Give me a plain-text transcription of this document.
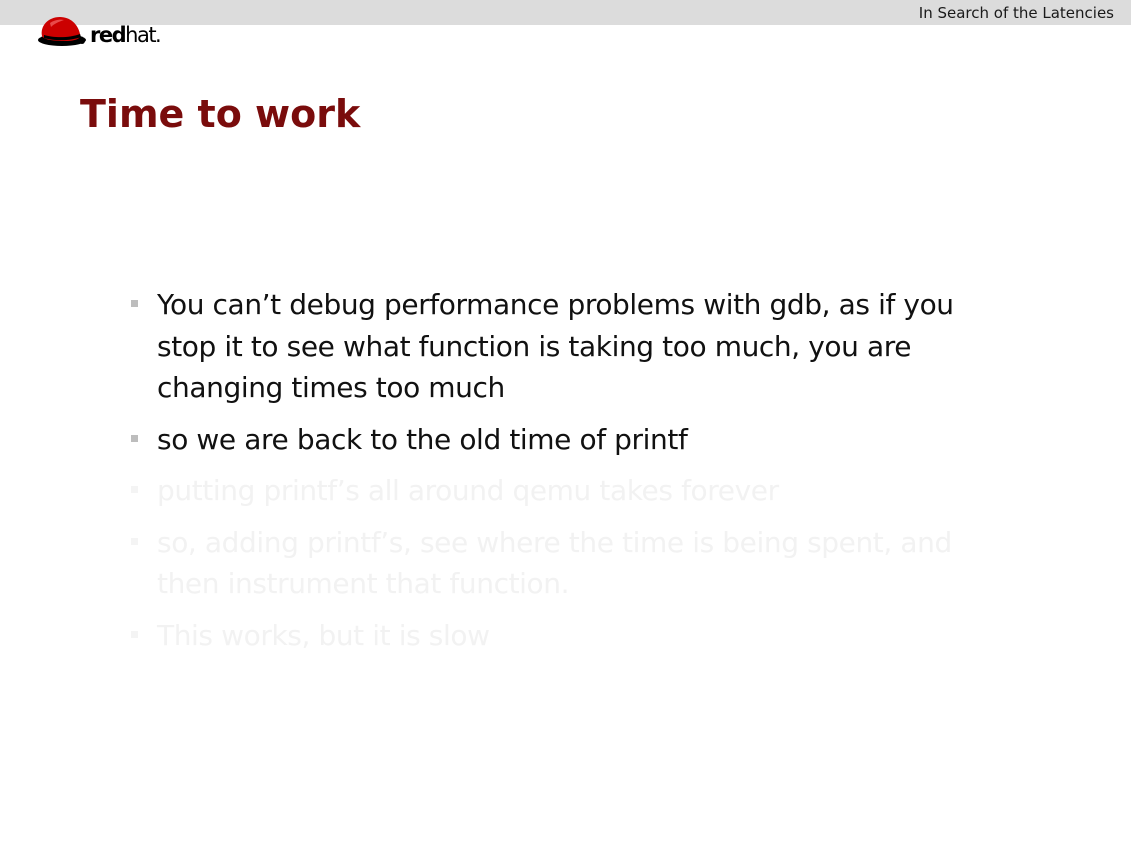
In Search of the Latencies
redhat.
Time to work
You can’t debug performance problems with gdb, as if you stop it to see what function is taking too much, you are changing times too much
so we are back to the old time of printf
putting printf’s all around qemu takes forever
so, adding printf’s, see where the time is being spent, and then instrument that function.
This works, but it is slow
